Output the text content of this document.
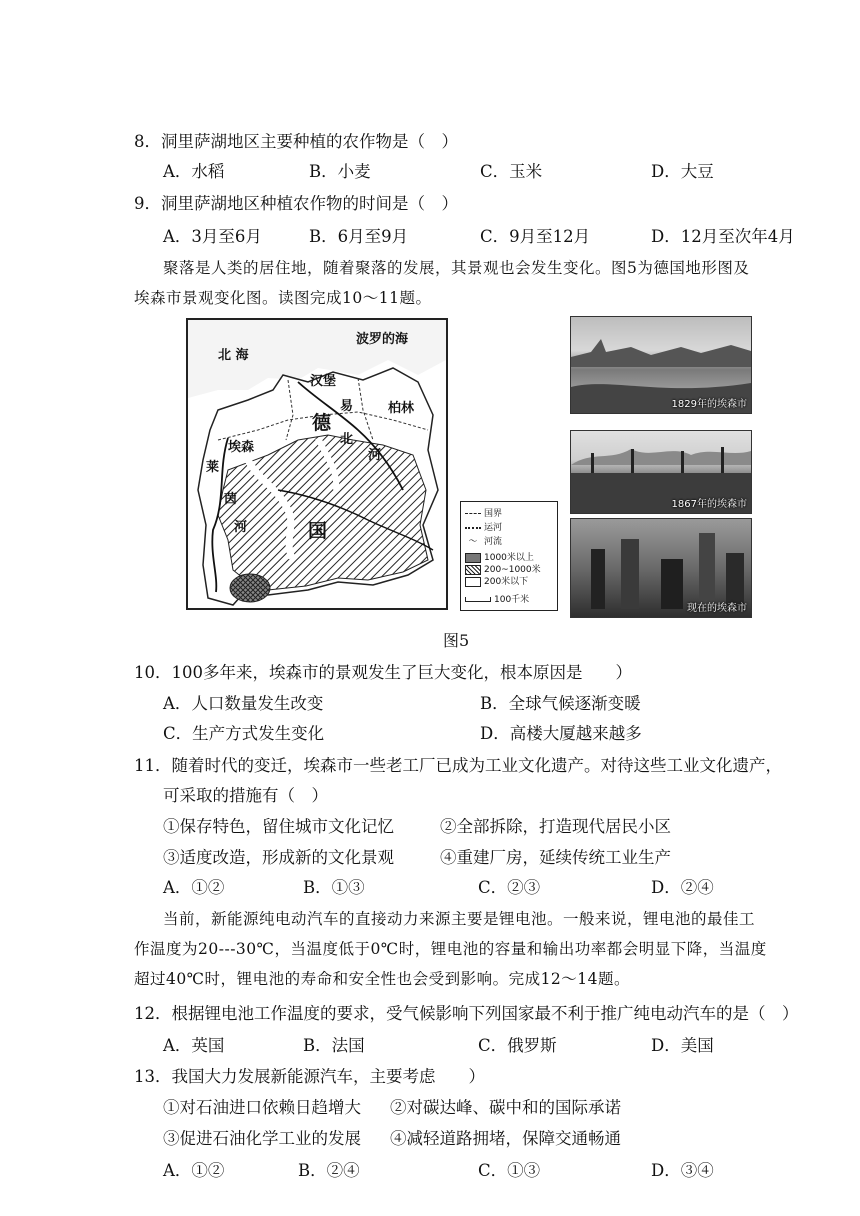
8．洞里萨湖地区主要种植的农作物是（　）
A．水稻	B．小麦	C．玉米	D．大豆
9．洞里萨湖地区种植农作物的时间是（　）
A．3月至6月	B．6月至9月	C．9月至12月	D．12月至次年4月
聚落是人类的居住地，随着聚落的发展，其景观也会发生变化。图5为德国地形图及
埃森市景观变化图。读图完成10～11题。
北 海
波罗的海
汉堡
柏林
易
北
河
德
国
埃森
莱
茵
河
国界
运河
〜 河流
1000米以上
200~1000米
200米以下
100千米
1829年的埃森市
1867年的埃森市
现在的埃森市
图5
10．100多年来，埃森市的景观发生了巨大变化，根本原因是　　）
A．人口数量发生改变	B．全球气候逐渐变暖
C．生产方式发生变化	D．高楼大厦越来越多
11．随着时代的变迁，埃森市一些老工厂已成为工业文化遗产。对待这些工业文化遗产，
可采取的措施有（　）
①保存特色，留住城市文化记忆	②全部拆除，打造现代居民小区
③适度改造，形成新的文化景观	④重建厂房，延续传统工业生产
A．①②	B．①③	C．②③	D．②④
当前，新能源纯电动汽车的直接动力来源主要是锂电池。一般来说，锂电池的最佳工
作温度为20---30℃，当温度低于0℃时，锂电池的容量和输出功率都会明显下降，当温度
超过40℃时，锂电池的寿命和安全性也会受到影响。完成12～14题。
12．根据锂电池工作温度的要求，受气候影响下列国家最不利于推广纯电动汽车的是（　）
A．英国	B．法国	C．俄罗斯	D．美国
13．我国大力发展新能源汽车，主要考虑　　）
①对石油进口依赖日趋增大 ②对碳达峰、碳中和的国际承诺
③促进石油化学工业的发展 ④减轻道路拥堵，保障交通畅通
A．①②	B．②④	C．①③	D．③④
